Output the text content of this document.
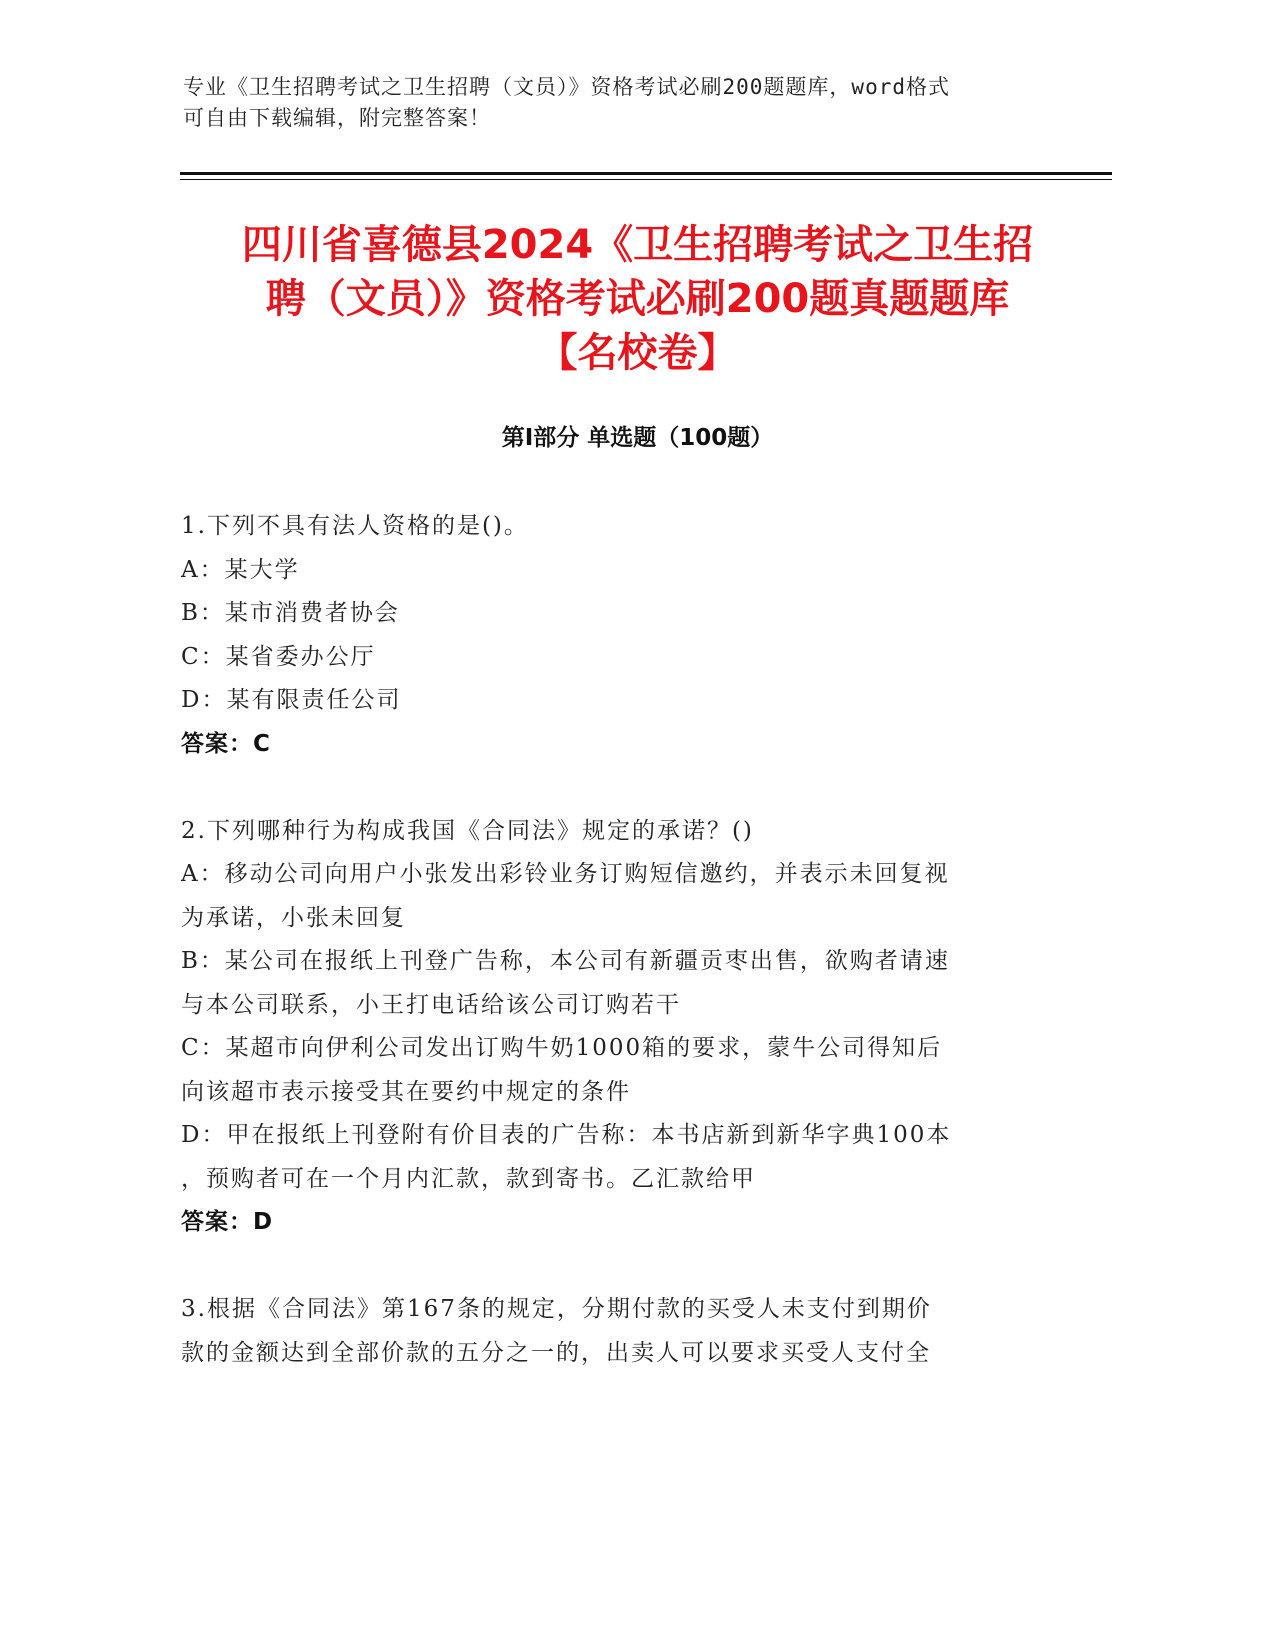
专业《卫生招聘考试之卫生招聘（文员）》资格考试必刷200题题库，word格式
可自由下载编辑，附完整答案！
四川省喜德县2024《卫生招聘考试之卫生招
聘（文员）》资格考试必刷200题真题题库
【名校卷】
第Ⅰ部分 单选题（100题）
1.下列不具有法人资格的是()。
A：某大学
B：某市消费者协会
C：某省委办公厅
D：某有限责任公司
答案：C
2.下列哪种行为构成我国《合同法》规定的承诺？()
A：移动公司向用户小张发出彩铃业务订购短信邀约，并表示未回复视
为承诺，小张未回复
B：某公司在报纸上刊登广告称，本公司有新疆贡枣出售，欲购者请速
与本公司联系，小王打电话给该公司订购若干
C：某超市向伊利公司发出订购牛奶1000箱的要求，蒙牛公司得知后
向该超市表示接受其在要约中规定的条件
D：甲在报纸上刊登附有价目表的广告称：本书店新到新华字典100本
，预购者可在一个月内汇款，款到寄书。乙汇款给甲
答案：D
3.根据《合同法》第167条的规定，分期付款的买受人未支付到期价
款的金额达到全部价款的五分之一的，出卖人可以要求买受人支付全
